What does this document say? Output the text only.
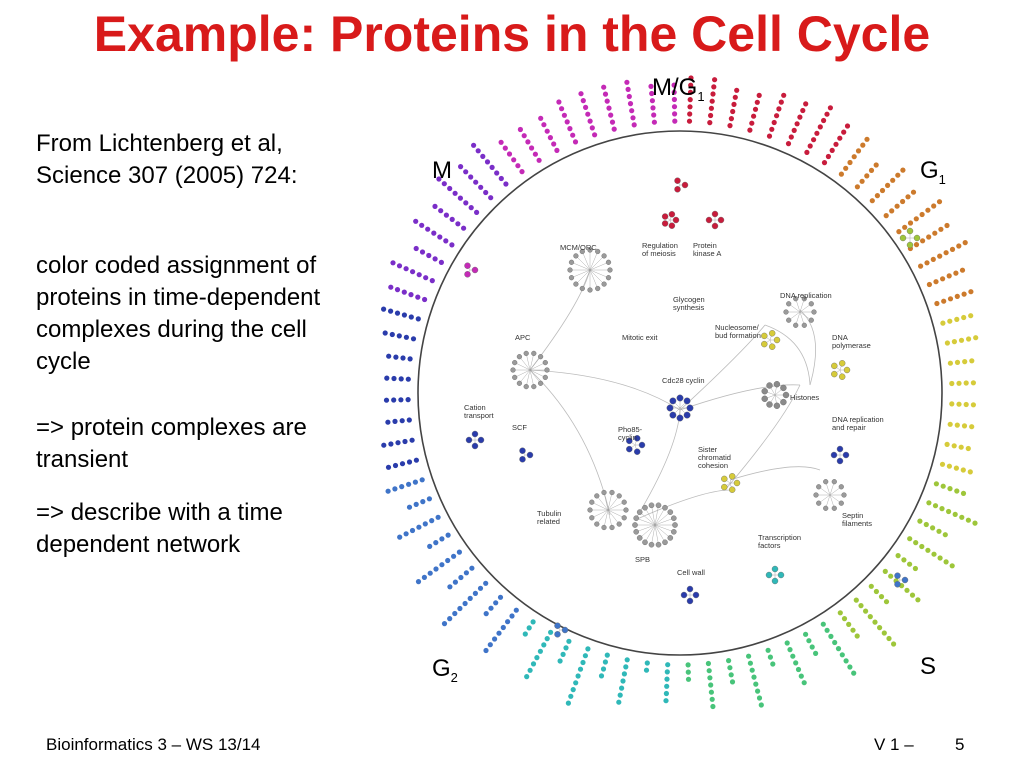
Example: Proteins in the Cell Cycle
From Lichtenberg et al,
Science 307 (2005) 724:
color coded assignment of
proteins in time-dependent
complexes during the cell
cycle
=> protein complexes are
transient
=> describe with a time
dependent network
$M/G_1$
M	$G_1$
$G_2$	S
MCM/ORC	Regulation of meiosis
Protein kinase A
DNA replication
Glycogen synthesis
Mitotic exit
Nucleosome/ bud formation	DNA polymerase
APC
Cdc28 cyclin
Histones
Cation transport
SCF	Pho85-cyclin
Sister chromatid cohesion
DNA replication and repair
Tubulin related
Septin filaments
Transcription factors
SPB
Cell wall
Bioinformatics 3 – WS 13/14	V 1 – 5
